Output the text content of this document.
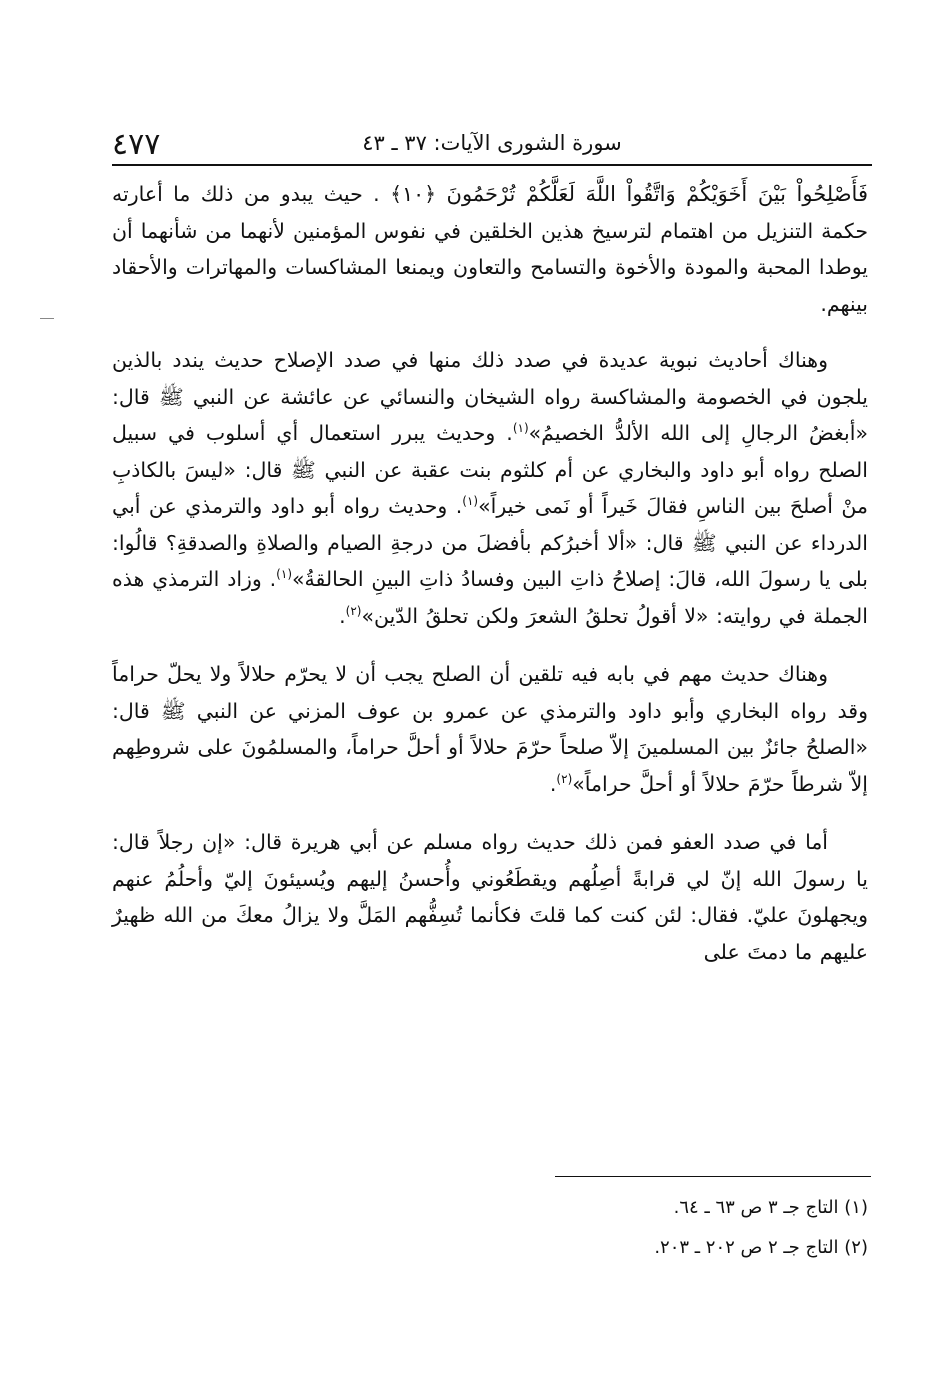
سورة الشورى الآيات: ٣٧ ـ ٤٣
٤٧٧

فَأَصْلِحُواْ بَيْنَ أَخَوَيْكُمْ وَاتَّقُواْ اللَّهَ لَعَلَّكُمْ تُرْحَمُونَ ﴿١٠﴾ . حيث يبدو من ذلك ما أعارته حكمة التنزيل من اهتمام لترسيخ هذين الخلقين في نفوس المؤمنين لأنهما من شأنهما أن يوطدا المحبة والمودة والأخوة والتسامح والتعاون ويمنعا المشاكسات والمهاترات والأحقاد بينهم.

وهناك أحاديث نبوية عديدة في صدد ذلك منها في صدد الإصلاح حديث يندد بالذين يلجون في الخصومة والمشاكسة رواه الشيخان والنسائي عن عائشة عن النبي ﷺ قال: «أبغضُ الرجالِ إلى الله الألدُّ الخصيمُ»$^{(١)}$. وحديث يبرر استعمال أي أسلوب في سبيل الصلح رواه أبو داود والبخاري عن أم كلثوم بنت عقبة عن النبي ﷺ قال: «ليسَ بالكاذبِ منْ أصلحَ بين الناسِ فقالَ خَيراً أو نَمى خيراً»$^{(١)}$. وحديث رواه أبو داود والترمذي عن أبي الدرداء عن النبي ﷺ قال: «ألا أخبرُكم بأفضلَ من درجةِ الصيام والصلاةِ والصدقةِ؟ قالُوا: بلى يا رسولَ الله، قالَ: إصلاحُ ذاتِ البين وفسادُ ذاتِ البينِ الحالقةُ»$^{(١)}$. وزاد الترمذي هذه الجملة في روايته: «لا أقولُ تحلقُ الشعرَ ولكن تحلقُ الدّين»$^{(٢)}$.

وهناك حديث مهم في بابه فيه تلقين أن الصلح يجب أن لا يحرّم حلالاً ولا يحلّ حراماً وقد رواه البخاري وأبو داود والترمذي عن عمرو بن عوف المزني عن النبي ﷺ قال: «الصلحُ جائزٌ بين المسلمينَ إلاّ صلحاً حرّمَ حلالاً أو أحلَّ حراماً، والمسلمُونَ على شروطِهم إلاّ شرطاً حرّمَ حلالاً أو أحلَّ حراماً»$^{(٢)}$.

أما في صدد العفو فمن ذلك حديث رواه مسلم عن أبي هريرة قال: «إن رجلاً قال: يا رسولَ الله إنّ لي قرابةً أصِلُهم ويقطَعُوني وأُحسنُ إليهم ويُسيئونَ إليّ وأحلُمُ عنهم ويجهلونَ عليّ. فقال: لئن كنت كما قلتَ فكأنما تُسِفُّهم المَلَّ ولا يزالُ معكَ من الله ظهيرٌ عليهم ما دمتَ على

(١) التاج جـ ٣ ص ٦٣ ـ ٦٤.
(٢) التاج جـ ٢ ص ٢٠٢ ـ ٢٠٣.
